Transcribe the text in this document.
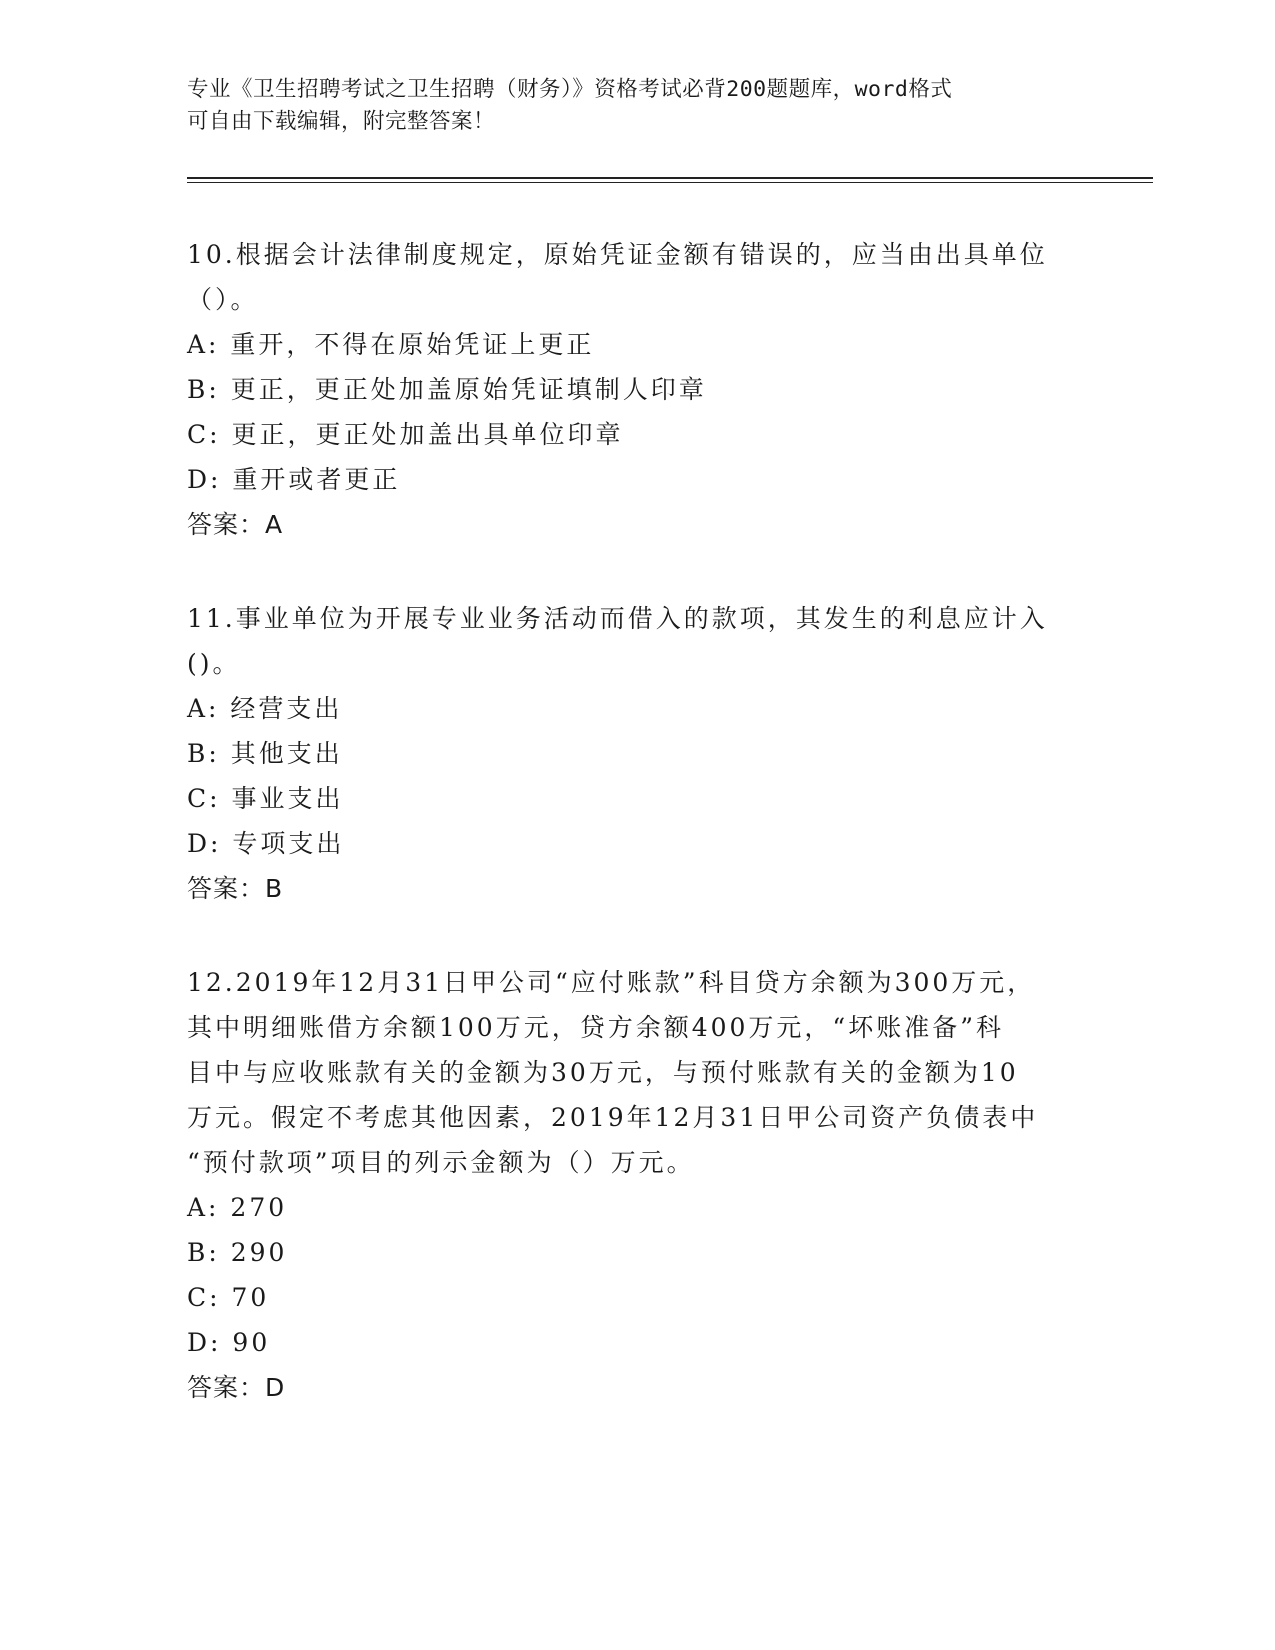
专业《卫生招聘考试之卫生招聘（财务）》资格考试必背200题题库，word格式
可自由下载编辑，附完整答案！
10.根据会计法律制度规定，原始凭证金额有错误的，应当由出具单位
（）。
A: 重开，不得在原始凭证上更正
B: 更正，更正处加盖原始凭证填制人印章
C: 更正，更正处加盖出具单位印章
D: 重开或者更正
答案：A
11.事业单位为开展专业业务活动而借入的款项，其发生的利息应计入
()。
A: 经营支出
B: 其他支出
C: 事业支出
D: 专项支出
答案：B
12.2019年12月31日甲公司“应付账款”科目贷方余额为300万元，
其中明细账借方余额100万元，贷方余额400万元，“坏账准备”科
目中与应收账款有关的金额为30万元，与预付账款有关的金额为10
万元。假定不考虑其他因素，2019年12月31日甲公司资产负债表中
“预付款项”项目的列示金额为（）万元。
A: 270
B: 290
C: 70
D: 90
答案：D
